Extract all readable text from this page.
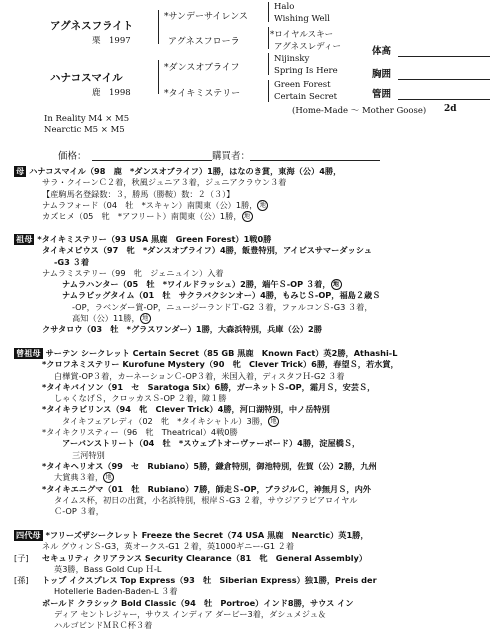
アグネスフライト
栗　1997
ハナコスマイル
鹿　1998
*サンデーサイレンス
Halo
Wishing Well
アグネスフローラ
*ロイヤルスキー
アグネスレディー
*ダンスオブライフ
Nijinsky
Spring Is Here
*タイキミステリー
Green Forest
Certain Secret
(Home-Made ～ Mother Goose) 2d
In Reality M4 × M5
Nearctic M5 × M5
体高
胸囲
管囲
価格：	購買者：
母 ハナコスマイル（98　鹿　*ダンスオブライフ）1勝，はなのき賞，東海（公）4勝，
サラ・クイーンＣ２着，秋風ジュニア３着，ジュニアクラウン３着
【産駒馬名登録数：３，勝馬（勝鞍）数：２（３）】
ナムラフォード（04　牡　*スキャン）南関東（公）1勝， 地
カズヒメ（05　牝　*アフリート）南関東（公）1勝， 地
祖母 *タイキミステリー（93 USA 黒鹿　Green Forest）1戦0勝
タイキメビウス（97　牝　*ダンスオブライフ）4勝，飯豊特別，アイビスサマーダッシュ
-G3 ３着
ナムラミステリー（99　牝　ジェニュイン）入着
ナムラハンター（05　牡　*ワイルドラッシュ）2勝，端午Ｓ-OP ３着， 地
ナムラビッグタイム（01　牡　サクラバクシンオー）4勝，もみじＳ-OP，福島２歳Ｓ
-OP，ラベンダー賞-OP，ニュージーランドＴ-G2 ３着，ファルコンＳ-G3 ３着，
高知（公）11勝， 地
クサタロウ（03　牡　*グラスワンダー）1勝，大森浜特別，兵庫（公）2勝
曾祖母 サーテン シークレット Certain Secret（85 GB 黒鹿　Known Fact）英2勝，Athashi-L
*クロフネミステリー Kurofune Mystery（90　牝　Clever Trick）6勝，春望Ｓ，若水賞，
白樺賞-OP３着，カーネーションＣ-OP３着，米国入着，ディスタフＨ-G2 ３着
*タイキバイソン（91　セ　Saratoga Six）6勝，ガーネットＳ-OP，霜月Ｓ，安芸Ｓ，
しゃくなげＳ，クロッカスＳ-OP ２着，障１勝
*タイキラビリンス（94　牝　Clever Trick）4勝，河口湖特別，中ノ岳特別
タイキフェアレディ（02　牝　*タイキシャトル）3勝， 地
*タイキクリスティー（96　牝　Theatrical）4戦0勝
アーバンストリート（04　牡　*スウェプトオーヴァーボード）4勝，淀屋橋Ｓ，
三河特別
*タイキヘリオス（99　セ　Rubiano）5勝，鎌倉特別，御池特別，佐賀（公）2勝，九州
大賞典３着， 地
*タイキエニグマ（01　牡　Rubiano）7勝，師走Ｓ-OP，ブラジルＣ，神無月Ｓ，内外
タイムス杯，初日の出賞，小名浜特別，根岸Ｓ-G3 ２着，サウジアラビアロイヤル
Ｃ-OP ３着，
四代母 *フリーズザシークレット Freeze the Secret（74 USA 黒鹿　Nearctic）英1勝，
ネル グウィンＳ-G3，英オークス-G1 ２着，英1000ギニー-G1 ２着
[子] セキュリティ クリアランス Security Clearance（81　牝　General Assembly）
英3勝，Bass Gold Cup Ｈ-L
[孫] トップ イクスプレス Top Express（93　牡　Siberian Express）独1勝，Preis der
Hotellerie Baden-Baden-L ３着
ボールド クラシック Bold Classic（94　牡　Portroe）インド8勝，サウス イン
ディア セントレジャー，サウス インディア ダービー3着，ダシュメジュ＆
ハルゴビンドＭＲＣ杯３着
